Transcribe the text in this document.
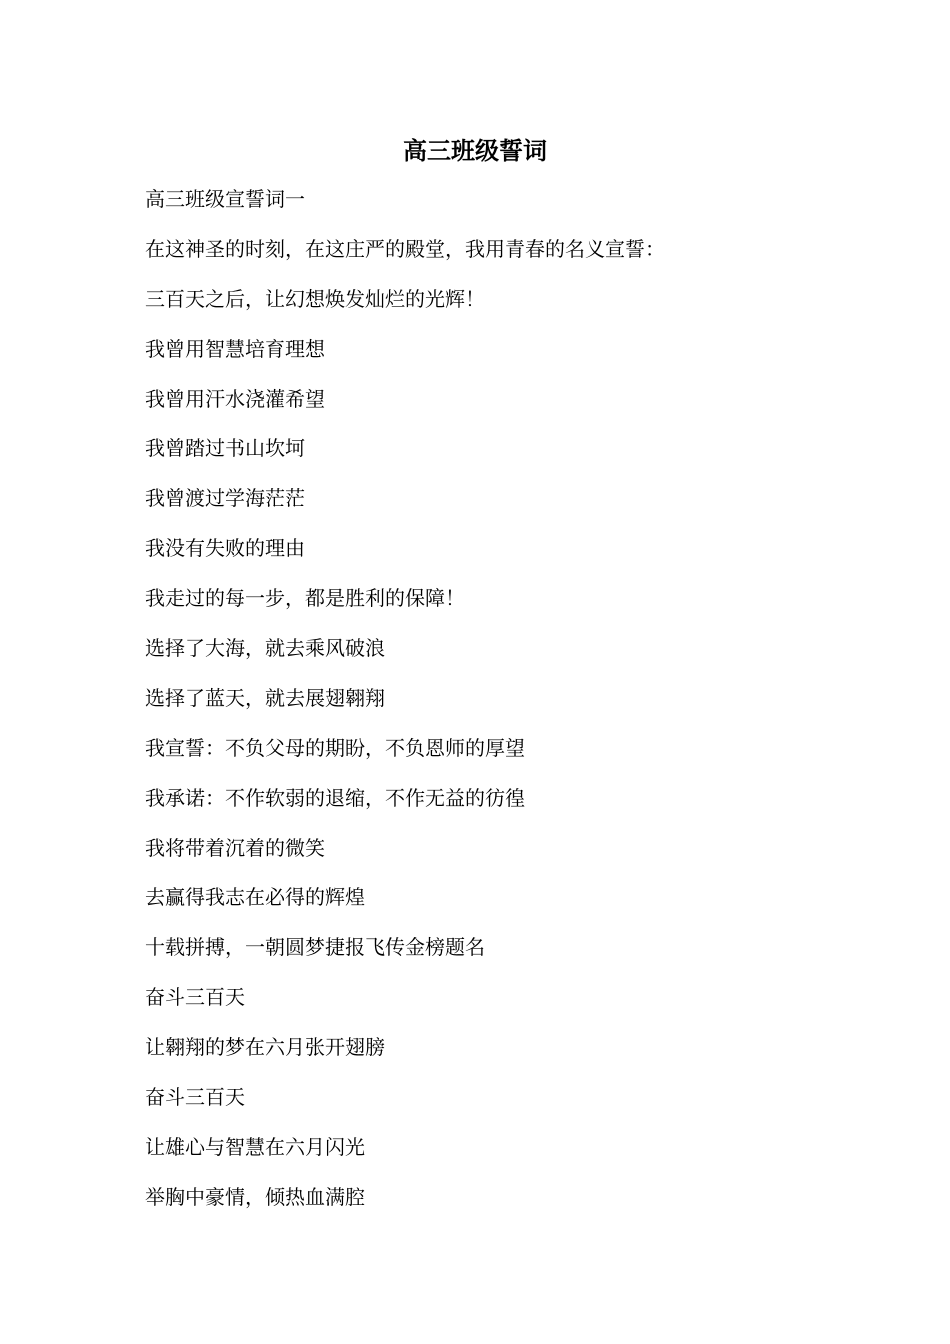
高三班级誓词

高三班级宣誓词一

在这神圣的时刻，在这庄严的殿堂，我用青春的名义宣誓：

三百天之后，让幻想焕发灿烂的光辉！

我曾用智慧培育理想

我曾用汗水浇灌希望

我曾踏过书山坎坷

我曾渡过学海茫茫

我没有失败的理由

我走过的每一步，都是胜利的保障！

选择了大海，就去乘风破浪

选择了蓝天，就去展翅翱翔

我宣誓：不负父母的期盼，不负恩师的厚望

我承诺：不作软弱的退缩，不作无益的彷徨

我将带着沉着的微笑

去赢得我志在必得的辉煌

十载拼搏，一朝圆梦捷报飞传金榜题名

奋斗三百天

让翱翔的梦在六月张开翅膀

奋斗三百天

让雄心与智慧在六月闪光

举胸中豪情，倾热血满腔
